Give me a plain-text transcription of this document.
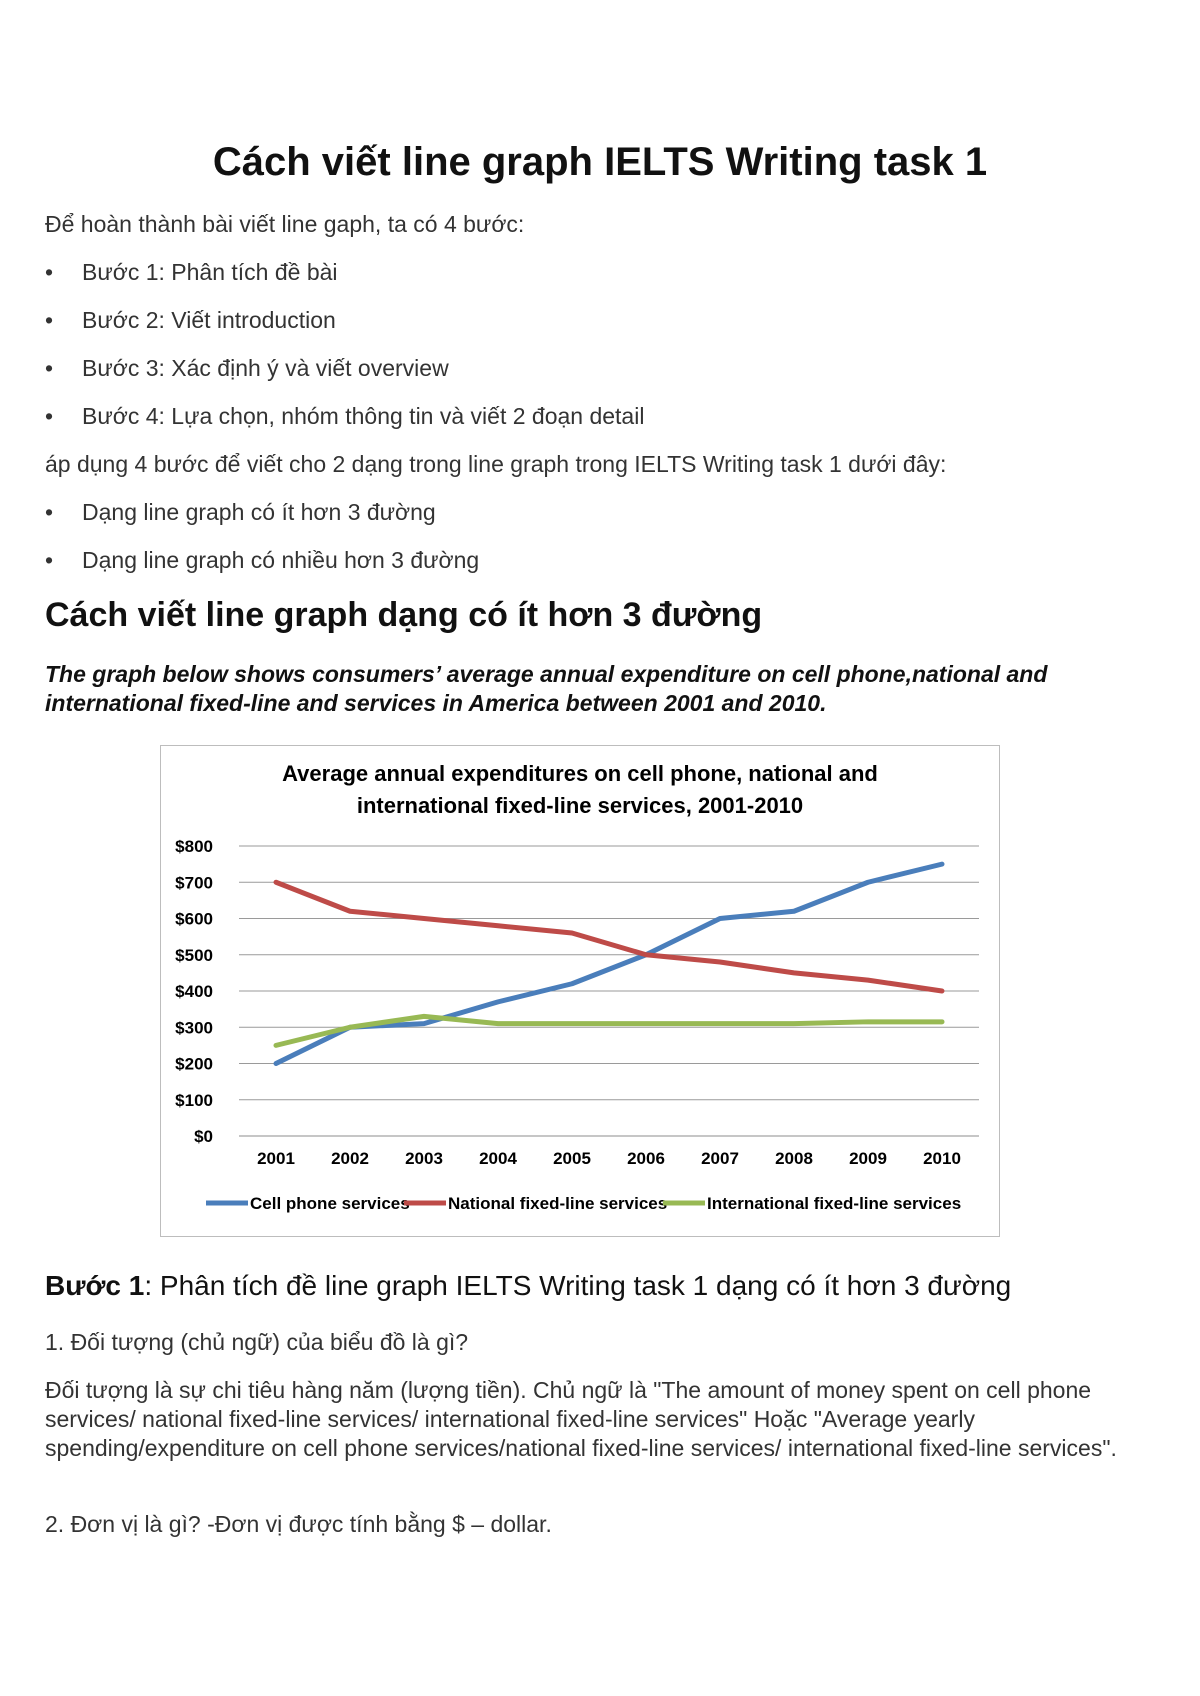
Cách viết line graph IELTS Writing task 1

Để hoàn thành bài viết line gaph, ta có 4 bước:

•	Bước 1: Phân tích đề bài
•	Bước 2: Viết introduction
•	Bước 3: Xác định ý và viết overview
•	Bước 4: Lựa chọn, nhóm thông tin và viết 2 đoạn detail

áp dụng 4 bước để viết cho 2 dạng trong line graph trong IELTS Writing task 1 dưới đây:

•	Dạng line graph có ít hơn 3 đường
•	Dạng line graph có nhiều hơn 3 đường
Cách viết line graph dạng có ít hơn 3 đường

The graph below shows consumers’ average annual expenditure on cell phone,national and international fixed-line and services in America between 2001 and 2010.

Average annual expenditures on cell phone, national and
international fixed-line services, 2001-2010
$0
$100
$200
$300
$400
$500
$600
$700
$800
2001 2002 2003 2004 2005 2006 2007 2008 2009 2010
Cell phone services National fixed-line services International fixed-line services

Bước 1: Phân tích đề line graph IELTS Writing task 1 dạng có ít hơn 3 đường

1. Đối tượng (chủ ngữ) của biểu đồ là gì?

Đối tượng là sự chi tiêu hàng năm (lượng tiền). Chủ ngữ là "The amount of money spent on cell phone services/ national fixed-line services/ international fixed-line services" Hoặc "Average yearly spending/expenditure on cell phone services/national fixed-line services/ international fixed-line services".

2. Đơn vị là gì? -Đơn vị được tính bằng $ – dollar.
